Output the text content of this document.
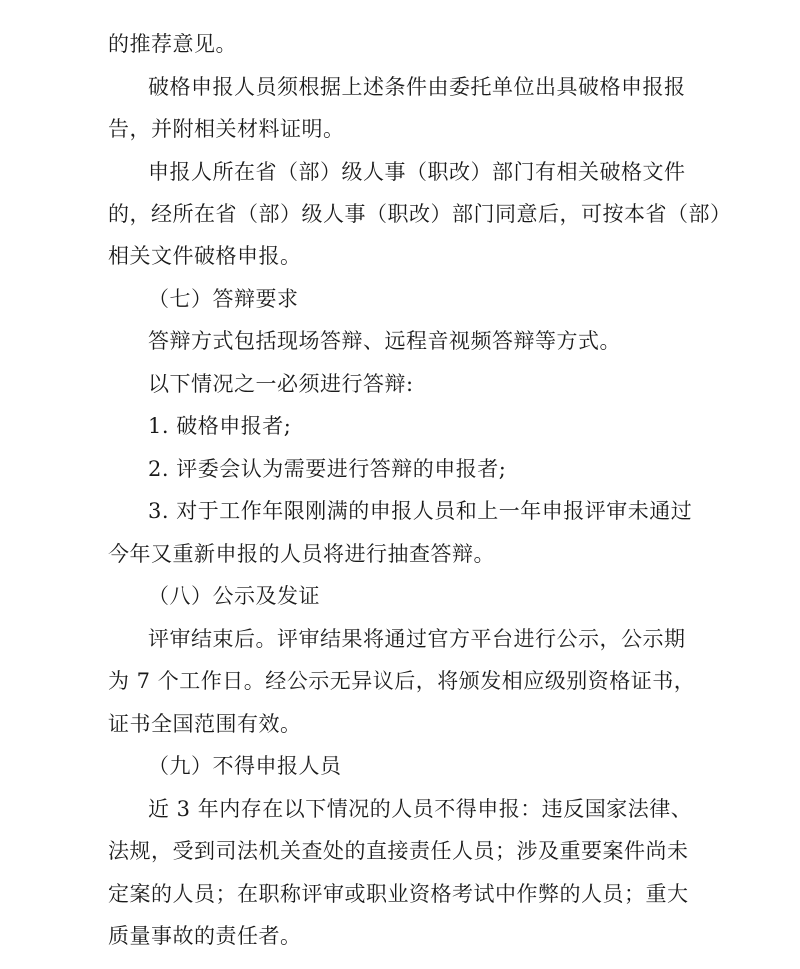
的推荐意见。
破格申报人员须根据上述条件由委托单位出具破格申报报
告，并附相关材料证明。
申报人所在省（部）级人事（职改）部门有相关破格文件
的，经所在省（部）级人事（职改）部门同意后，可按本省（部）
相关文件破格申报。
（七）答辩要求
答辩方式包括现场答辩、远程音视频答辩等方式。
以下情况之一必须进行答辩:
1. 破格申报者;
2. 评委会认为需要进行答辩的申报者;
3. 对于工作年限刚满的申报人员和上一年申报评审未通过
今年又重新申报的人员将进行抽查答辩。
（八）公示及发证
评审结束后。评审结果将通过官方平台进行公示，公示期
为 7 个工作日。经公示无异议后，将颁发相应级别资格证书，
证书全国范围有效。
（九）不得申报人员
近 3 年内存在以下情况的人员不得申报：违反国家法律、
法规，受到司法机关查处的直接责任人员；涉及重要案件尚未
定案的人员；在职称评审或职业资格考试中作弊的人员；重大
质量事故的责任者。
